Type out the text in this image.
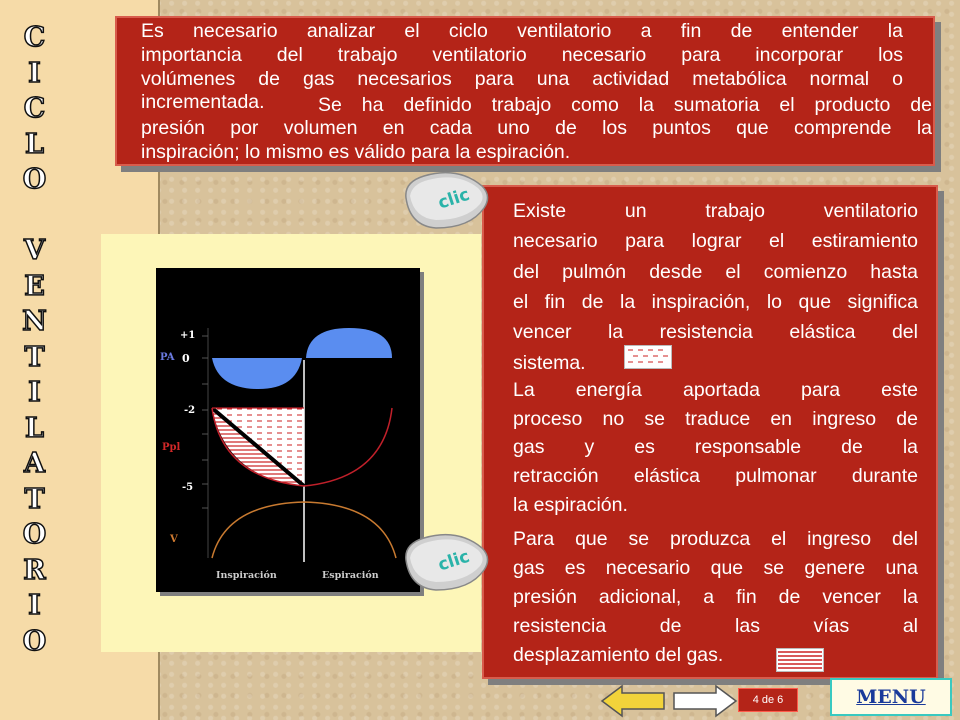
C
I
C
L
O

V
E
N
T
I
L
A
T
O
R
I
O
Es necesario analizar el ciclo ventilatorio a fin de entender la
importancia del trabajo ventilatorio necesario para incorporar los
volúmenes de gas necesarios para una actividad metabólica normal o
incrementada.	Se ha definido trabajo como la sumatoria el producto de
presión por volumen en cada uno de los puntos que comprende la
inspiración; lo mismo es válido para la espiración.
+1
0
-2
-5
PA
Ppl
V
Inspiración	Espiración
Existe un trabajo ventilatorio
necesario para lograr el estiramiento
del pulmón desde el comienzo hasta
el fin de la inspiración, lo que significa
vencer la resistencia elástica del
sistema.
La energía aportada para este
proceso no se traduce en ingreso de
gas y es responsable de la
retracción elástica pulmonar durante
la espiración.
Para que se produzca el ingreso del
gas es necesario que se genere una
presión adicional, a fin de vencer la
resistencia de las vías al
desplazamiento del gas.
clic
clic
4 de 6	MENU
